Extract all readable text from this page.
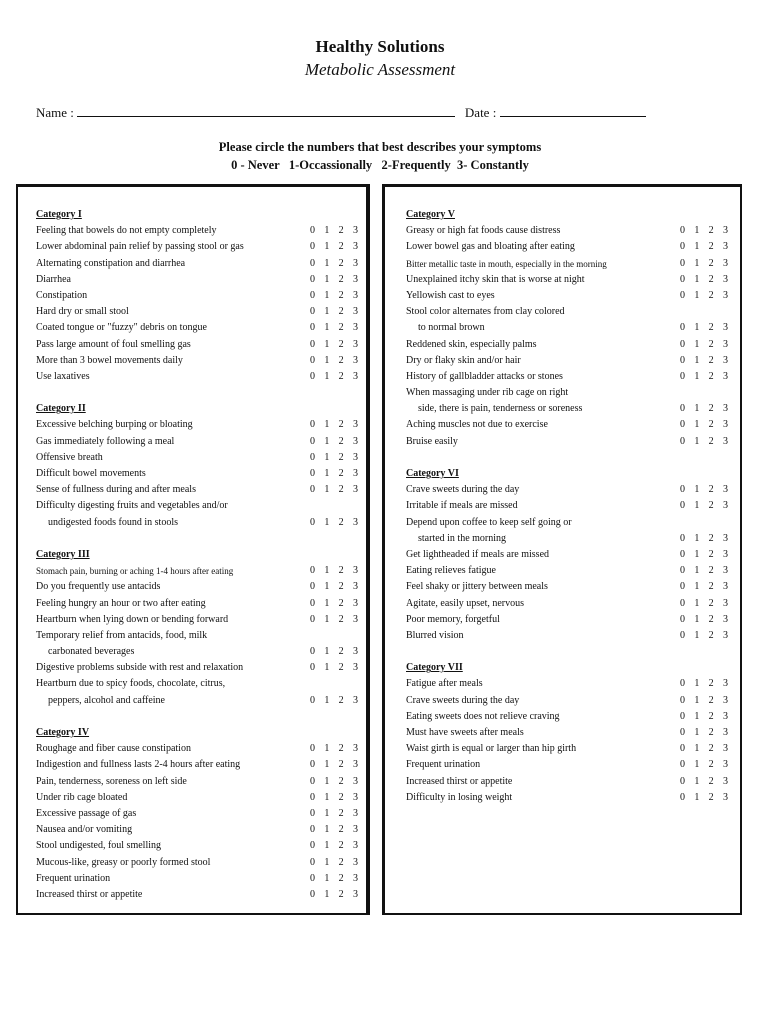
Healthy Solutions
Metabolic Assessment
Name :	Date :
Please circle the numbers that best describes your symptoms
0 - Never   1-Occassionally   2-Frequently  3- Constantly
Category I
Feeling that bowels do not empty completely	0 1 2 3
Lower abdominal pain relief by passing stool or gas	0 1 2 3
Alternating constipation and diarrhea	0 1 2 3
Diarrhea	0 1 2 3
Constipation	0 1 2 3
Hard dry or small stool	0 1 2 3
Coated tongue or "fuzzy" debris on tongue	0 1 2 3
Pass large amount of foul smelling gas	0 1 2 3
More than 3 bowel movements daily	0 1 2 3
Use laxatives	0 1 2 3
Category II
Excessive belching burping or bloating	0 1 2 3
Gas immediately following a meal	0 1 2 3
Offensive breath	0 1 2 3
Difficult bowel movements	0 1 2 3
Sense of fullness during and after meals	0 1 2 3
Difficulty digesting fruits and vegetables and/or
undigested foods found in stools	0 1 2 3
Category III
Stomach pain, burning or aching 1-4 hours after eating	0 1 2 3
Do you frequently use antacids	0 1 2 3
Feeling hungry an hour or two after eating	0 1 2 3
Heartburn when lying down or bending forward	0 1 2 3
Temporary relief from antacids, food, milk
carbonated beverages	0 1 2 3
Digestive problems subside with rest and relaxation	0 1 2 3
Heartburn due to spicy foods, chocolate, citrus,
peppers, alcohol and caffeine	0 1 2 3
Category IV
Roughage and fiber cause constipation	0 1 2 3
Indigestion and fullness lasts 2-4 hours after eating	0 1 2 3
Pain, tenderness, soreness on left side	0 1 2 3
Under rib cage bloated	0 1 2 3
Excessive passage of gas	0 1 2 3
Nausea and/or vomiting	0 1 2 3
Stool undigested, foul smelling	0 1 2 3
Mucous-like, greasy or poorly formed stool	0 1 2 3
Frequent urination	0 1 2 3
Increased thirst or appetite	0 1 2 3
Category V
Greasy or high fat foods cause distress	0 1 2 3
Lower bowel gas and bloating after eating	0 1 2 3
Bitter metallic taste in mouth, especially in the morning	0 1 2 3
Unexplained itchy skin that is worse at night	0 1 2 3
Yellowish cast to eyes	0 1 2 3
Stool color alternates from clay colored
to normal brown	0 1 2 3
Reddened skin, especially palms	0 1 2 3
Dry or flaky skin and/or hair	0 1 2 3
History of gallbladder attacks or stones	0 1 2 3
When massaging under rib cage on right
side, there is pain, tenderness or soreness	0 1 2 3
Aching muscles not due to exercise	0 1 2 3
Bruise easily	0 1 2 3
Category VI
Crave sweets during the day	0 1 2 3
Irritable if meals are missed	0 1 2 3
Depend upon coffee to keep self going or
started in the morning	0 1 2 3
Get lightheaded if meals are missed	0 1 2 3
Eating relieves fatigue	0 1 2 3
Feel shaky or jittery between meals	0 1 2 3
Agitate, easily upset, nervous	0 1 2 3
Poor memory, forgetful	0 1 2 3
Blurred vision	0 1 2 3
Category VII
Fatigue after meals	0 1 2 3
Crave sweets during the day	0 1 2 3
Eating sweets does not relieve craving	0 1 2 3
Must have sweets after meals	0 1 2 3
Waist girth is equal or larger than hip girth	0 1 2 3
Frequent urination	0 1 2 3
Increased thirst or appetite	0 1 2 3
Difficulty in losing weight	0 1 2 3
